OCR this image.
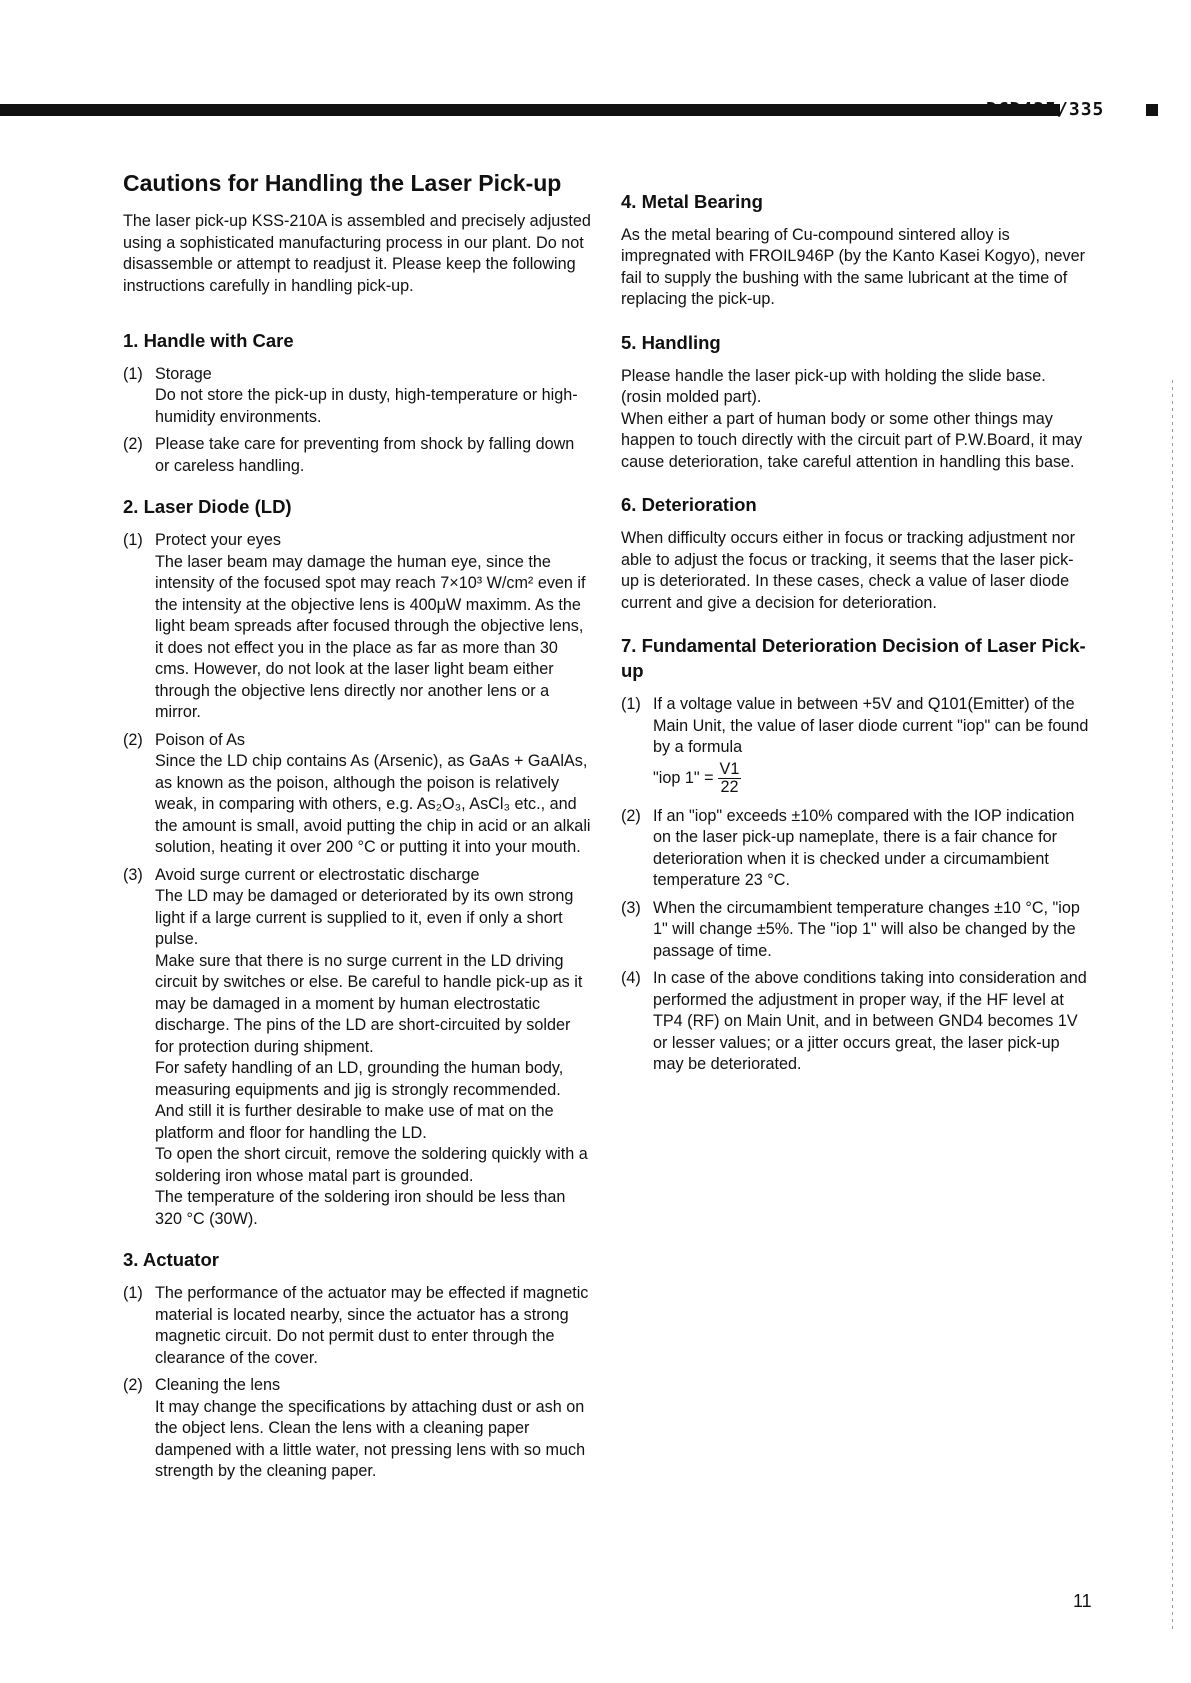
DCD425/335
Cautions for Handling the Laser Pick-up

The laser pick-up KSS-210A is assembled and precisely adjusted using a sophisticated manufacturing process in our plant. Do not disassemble or attempt to readjust it. Please keep the following instructions carefully in handling pick-up.

1. Handle with Care
(1) Storage

Do not store the pick-up in dusty, high-temperature or high-humidity environments.

(2) Please take care for preventing from shock by falling down or careless handling.

2. Laser Diode (LD)
(1) Protect your eyes

The laser beam may damage the human eye, since the intensity of the focused spot may reach 7×10³ W/cm² even if the intensity at the objective lens is 400μW maximm. As the light beam spreads after focused through the objective lens, it does not effect you in the place as far as more than 30 cms. However, do not look at the laser light beam either through the objective lens directly nor another lens or a mirror.

(2) Poison of As

Since the LD chip contains As (Arsenic), as GaAs + GaAlAs, as known as the poison, although the poison is relatively weak, in comparing with others, e.g. As₂O₃, AsCl₃ etc., and the amount is small, avoid putting the chip in acid or an alkali solution, heating it over 200 °C or putting it into your mouth.

(3) Avoid surge current or electrostatic discharge

The LD may be damaged or deteriorated by its own strong light if a large current is supplied to it, even if only a short pulse.

Make sure that there is no surge current in the LD driving circuit by switches or else. Be careful to handle pick-up as it may be damaged in a moment by human electrostatic discharge. The pins of the LD are short-circuited by solder for protection during shipment.

For safety handling of an LD, grounding the human body, measuring equipments and jig is strongly recommended. And still it is further desirable to make use of mat on the platform and floor for handling the LD.

To open the short circuit, remove the soldering quickly with a soldering iron whose matal part is grounded.

The temperature of the soldering iron should be less than 320 °C (30W).

3. Actuator
(1) The performance of the actuator may be effected if magnetic material is located nearby, since the actuator has a strong magnetic circuit. Do not permit dust to enter through the clearance of the cover.

(2) Cleaning the lens

It may change the specifications by attaching dust or ash on the object lens. Clean the lens with a cleaning paper dampened with a little water, not pressing lens with so much strength by the cleaning paper.

4. Metal Bearing

As the metal bearing of Cu-compound sintered alloy is impregnated with FROIL946P (by the Kanto Kasei Kogyo), never fail to supply the bushing with the same lubricant at the time of replacing the pick-up.

5. Handling

Please handle the laser pick-up with holding the slide base. (rosin molded part).

When either a part of human body or some other things may happen to touch directly with the circuit part of P.W.Board, it may cause deterioration, take careful attention in handling this base.

6. Deterioration

When difficulty occurs either in focus or tracking adjustment nor able to adjust the focus or tracking, it seems that the laser pick-up is deteriorated. In these cases, check a value of laser diode current and give a decision for deterioration.

7. Fundamental Deterioration Decision of Laser Pick-up
(1) If a voltage value in between +5V and Q101(Emitter) of the Main Unit, the value of laser diode current "iop" can be found by a formula

"iop 1" = $\frac{V1}{22}$
(2) If an "iop" exceeds ±10% compared with the IOP indication on the laser pick-up nameplate, there is a fair chance for deterioration when it is checked under a circumambient temperature 23 °C.

(3) When the circumambient temperature changes ±10 °C, "iop 1" will change ±5%. The "iop 1" will also be changed by the passage of time.

(4) In case of the above conditions taking into consideration and performed the adjustment in proper way, if the HF level at TP4 (RF) on Main Unit, and in between GND4 becomes 1V or lesser values; or a jitter occurs great, the laser pick-up may be deteriorated.

11
